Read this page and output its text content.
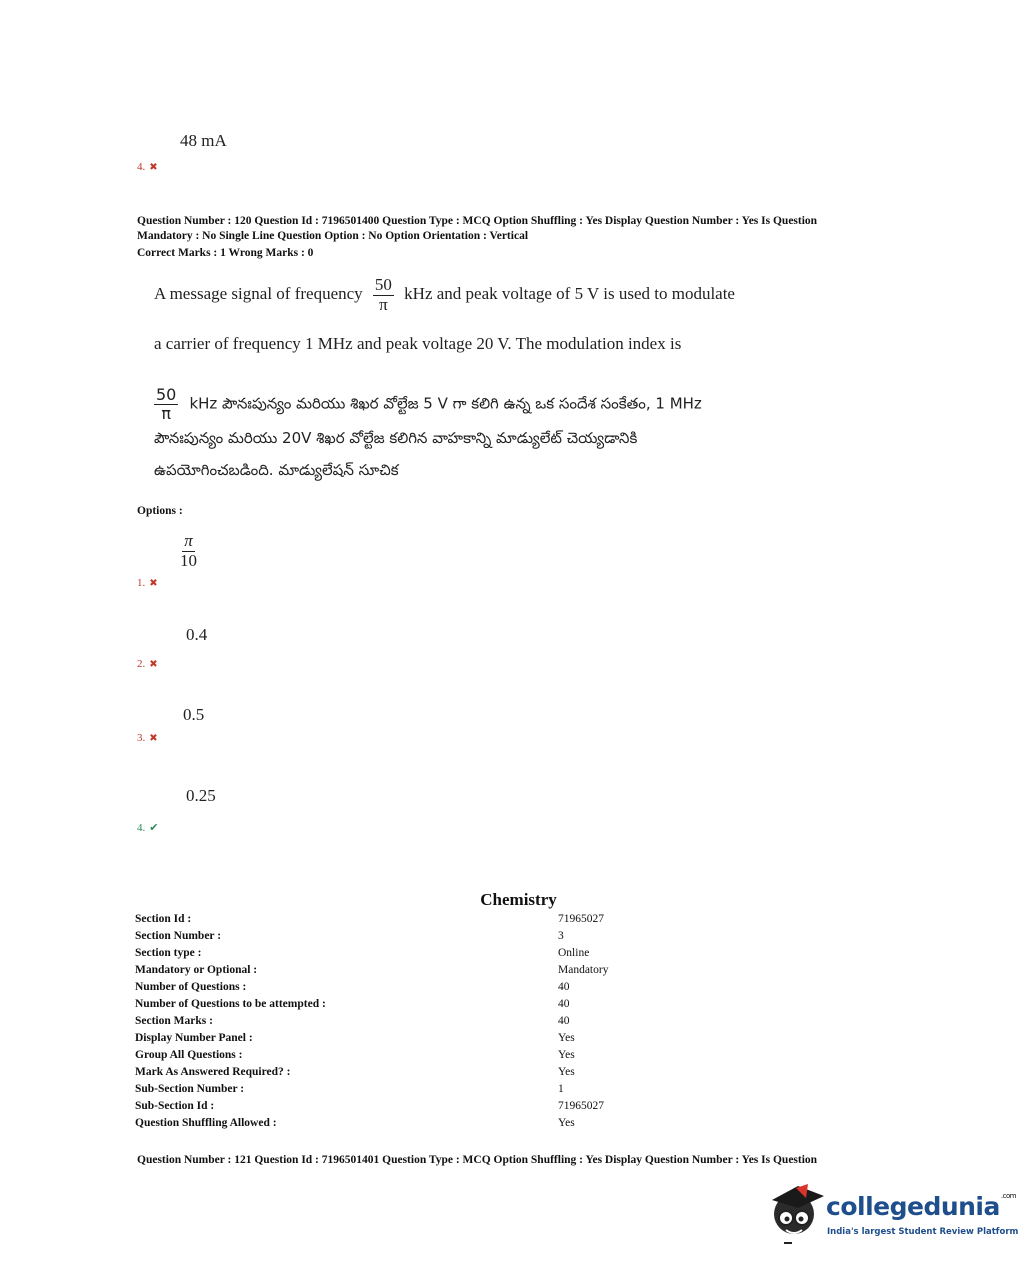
48 mA
4. ✖
Question Number : 120 Question Id : 7196501400 Question Type : MCQ Option Shuffling : Yes Display Question Number : Yes Is Question
Mandatory : No Single Line Question Option : No Option Orientation : Vertical
Correct Marks : 1 Wrong Marks : 0
A message signal of frequency $\frac{50}{\pi}$ kHz and peak voltage of 5 V is used to modulate
a carrier of frequency 1 MHz and peak voltage 20 V. The modulation index is
$\frac{50}{\pi}$ kHz పౌనఃపున్యం మరియు శిఖర వోల్టేజ 5 V గా కలిగి ఉన్న ఒక సందేశ సంకేతం, 1 MHz
పౌనఃపున్యం మరియు 20V శిఖర వోల్టేజ కలిగిన వాహకాన్ని మాడ్యులేట్ చెయ్యడానికి
ఉపయోగించబడింది. మాడ్యులేషన్ సూచిక
Options :
$\frac{\pi}{10}$
1. ✖
0.4
2. ✖
0.5
3. ✖
0.25
4. ✔
Chemistry
Section Id :	71965027
Section Number :	3
Section type :	Online
Mandatory or Optional :	Mandatory
Number of Questions :	40
Number of Questions to be attempted :	40
Section Marks :	40
Display Number Panel :	Yes
Group All Questions :	Yes
Mark As Answered Required? :	Yes
Sub-Section Number :	1
Sub-Section Id :	71965027
Question Shuffling Allowed :	Yes
Question Number : 121 Question Id : 7196501401 Question Type : MCQ Option Shuffling : Yes Display Question Number : Yes Is Question
collegedunia$^{.com}$
India's largest Student Review Platform
